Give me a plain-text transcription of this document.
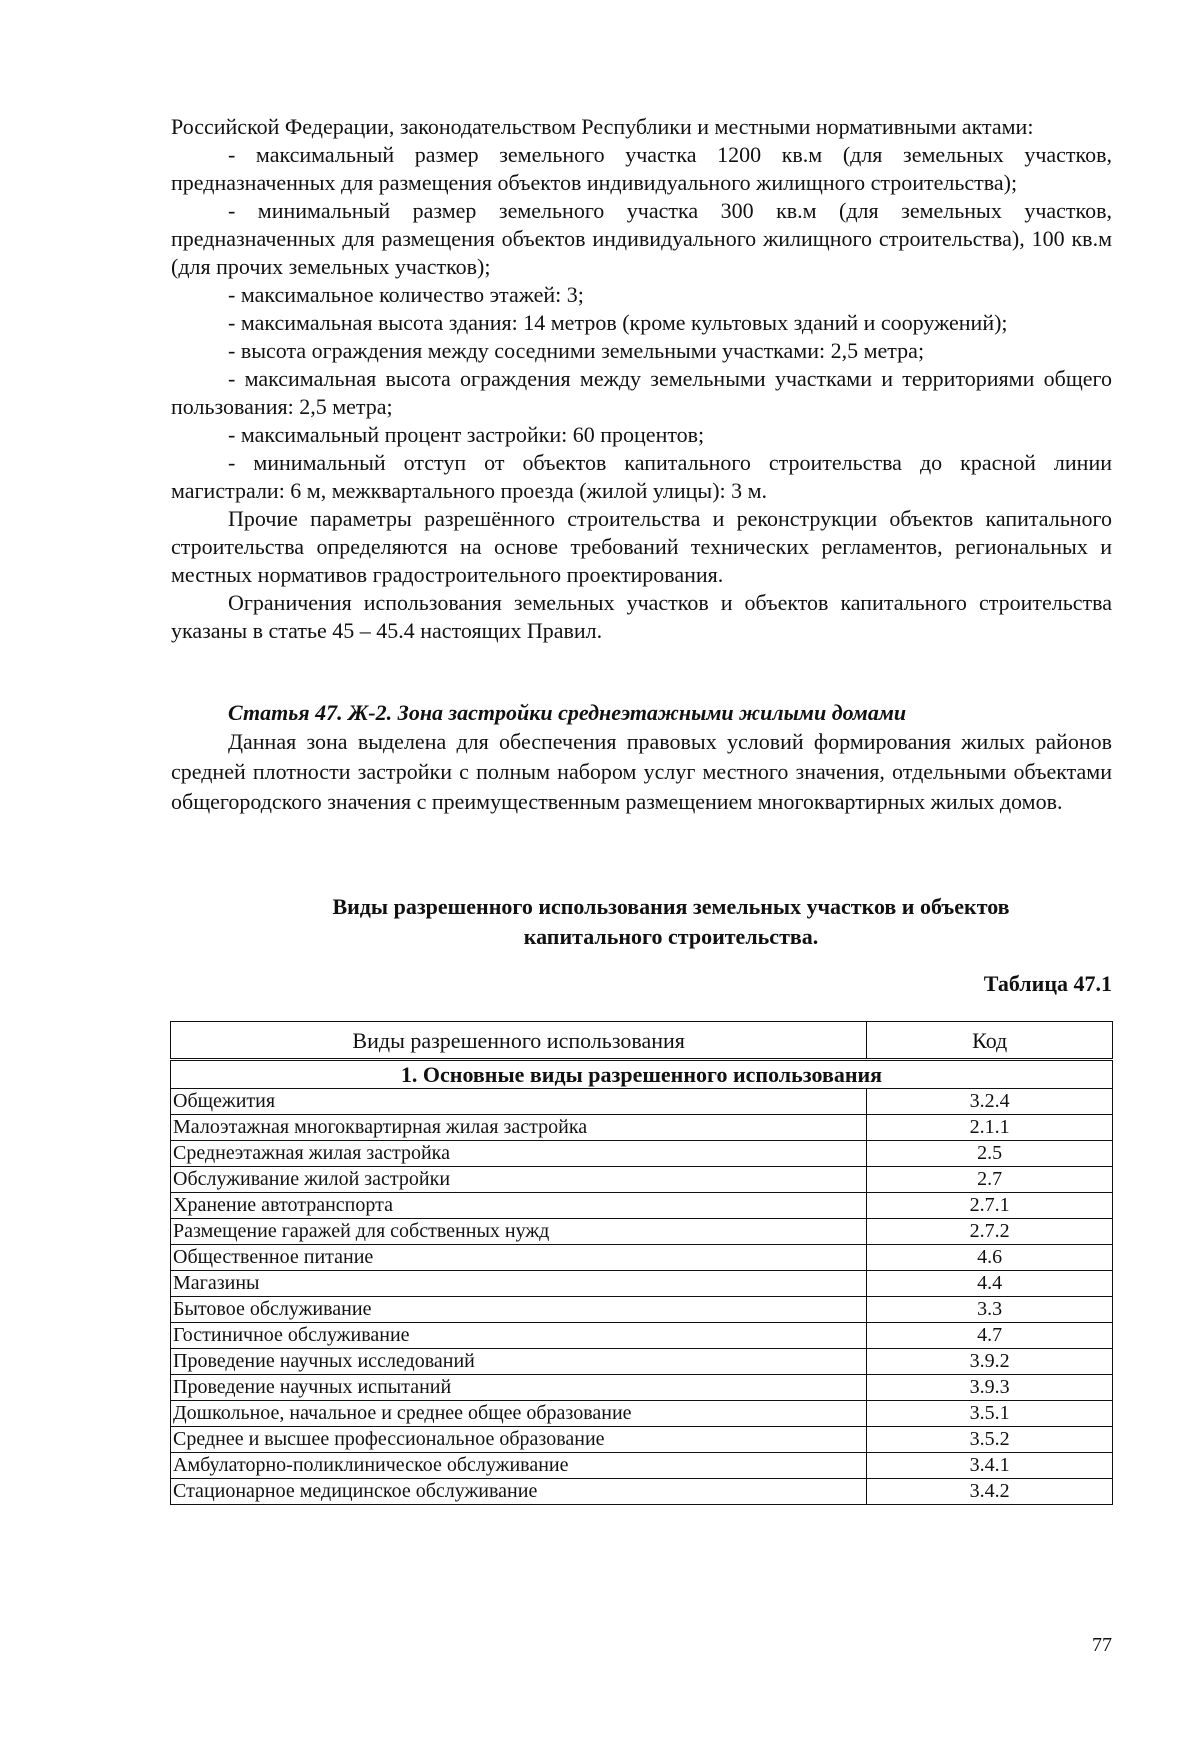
Российской Федерации, законодательством Республики и местными нормативными актами:

- максимальный размер земельного участка 1200 кв.м (для земельных участков, предназначенных для размещения объектов индивидуального жилищного строительства);

- минимальный размер земельного участка 300 кв.м (для земельных участков, предназначенных для размещения объектов индивидуального жилищного строительства), 100 кв.м (для прочих земельных участков);

- максимальное количество этажей: 3;

- максимальная высота здания: 14 метров (кроме культовых зданий и сооружений);

- высота ограждения между соседними земельными участками: 2,5 метра;

- максимальная высота ограждения между земельными участками и территориями общего пользования: 2,5 метра;

- максимальный процент застройки: 60 процентов;

- минимальный отступ от объектов капитального строительства до красной линии магистрали: 6 м, межквартального проезда (жилой улицы): 3 м.

Прочие параметры разрешённого строительства и реконструкции объектов капитального строительства определяются на основе требований технических регламентов, региональных и местных нормативов градостроительного проектирования.

Ограничения использования земельных участков и объектов капитального строительства указаны в статье 45 – 45.4 настоящих Правил.

Статья 47. Ж-2. Зона застройки среднеэтажными жилыми домами

Данная зона выделена для обеспечения правовых условий формирования жилых районов средней плотности застройки с полным набором услуг местного значения, отдельными объектами общегородского значения с преимущественным размещением многоквартирных жилых домов.

Виды разрешенного использования земельных участков и объектов
капитального строительства.
Таблица 47.1
Виды разрешенного использования	Код
1. Основные виды разрешенного использования	
Общежития	3.2.4
Малоэтажная многоквартирная жилая застройка	2.1.1
Среднеэтажная жилая застройка	2.5
Обслуживание жилой застройки	2.7
Хранение автотранспорта	2.7.1
Размещение гаражей для собственных нужд	2.7.2
Общественное питание	4.6
Магазины	4.4
Бытовое обслуживание	3.3
Гостиничное обслуживание	4.7
Проведение научных исследований	3.9.2
Проведение научных испытаний	3.9.3
Дошкольное, начальное и среднее общее образование	3.5.1
Среднее и высшее профессиональное образование	3.5.2
Амбулаторно-поликлиническое обслуживание	3.4.1
Стационарное медицинское обслуживание	3.4.2
77
